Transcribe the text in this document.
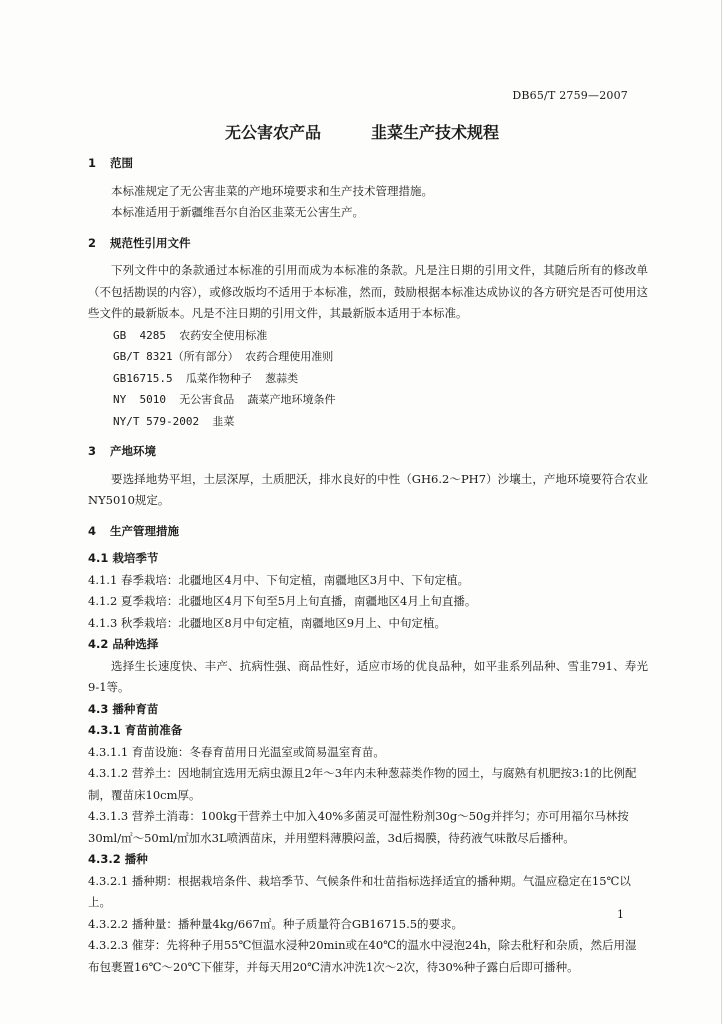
DB65/T 2759—2007
无公害农产品	韭菜生产技术规程
1 范围
本标准规定了无公害韭菜的产地环境要求和生产技术管理措施。
本标准适用于新疆维吾尔自治区韭菜无公害生产。
2 规范性引用文件
下列文件中的条款通过本标准的引用而成为本标准的条款。凡是注日期的引用文件，其随后所有的修改单（不包括勘误的内容），或修改版均不适用于本标准，然而，鼓励根据本标准达成协议的各方研究是否可使用这些文件的最新版本。凡是不注日期的引用文件，其最新版本适用于本标准。
GB  4285  农药安全使用标准
GB/T 8321（所有部分） 农药合理使用准则
GB16715.5  瓜菜作物种子  葱蒜类
NY  5010  无公害食品  蔬菜产地环境条件
NY/T 579-2002  韭菜
3 产地环境
要选择地势平坦，土层深厚，土质肥沃，排水良好的中性（GH6.2～PH7）沙壤土，产地环境要符合农业NY5010规定。
4 生产管理措施
4.1 栽培季节
4.1.1 春季栽培：北疆地区4月中、下旬定植，南疆地区3月中、下旬定植。
4.1.2 夏季栽培：北疆地区4月下旬至5月上旬直播，南疆地区4月上旬直播。
4.1.3 秋季栽培：北疆地区8月中旬定植，南疆地区9月上、中旬定植。
4.2 品种选择
选择生长速度快、丰产、抗病性强、商品性好，适应市场的优良品种，如平韭系列品种、雪韭791、寿光9-1等。
4.3 播种育苗
4.3.1 育苗前准备
4.3.1.1 育苗设施：冬春育苗用日光温室或简易温室育苗。
4.3.1.2 营养土：因地制宜选用无病虫源且2年～3年内未种葱蒜类作物的园土，与腐熟有机肥按3:1的比例配制，覆苗床10cm厚。
4.3.1.3 营养土消毒：100kg干营养土中加入40%多菌灵可湿性粉剂30g～50g并拌匀；亦可用福尔马林按30ml/㎡～50ml/㎡加水3L喷洒苗床，并用塑料薄膜闷盖，3d后揭膜，待药液气味散尽后播种。
4.3.2 播种
4.3.2.1 播种期：根据栽培条件、栽培季节、气候条件和壮苗指标选择适宜的播种期。气温应稳定在15℃以上。
4.3.2.2 播种量：播种量4kg/667㎡。种子质量符合GB16715.5的要求。
4.3.2.3 催芽：先将种子用55℃恒温水浸种20min或在40℃的温水中浸泡24h，除去秕籽和杂质，然后用湿布包裹置16℃～20℃下催芽，并每天用20℃清水冲洗1次～2次，待30%种子露白后即可播种。
1
